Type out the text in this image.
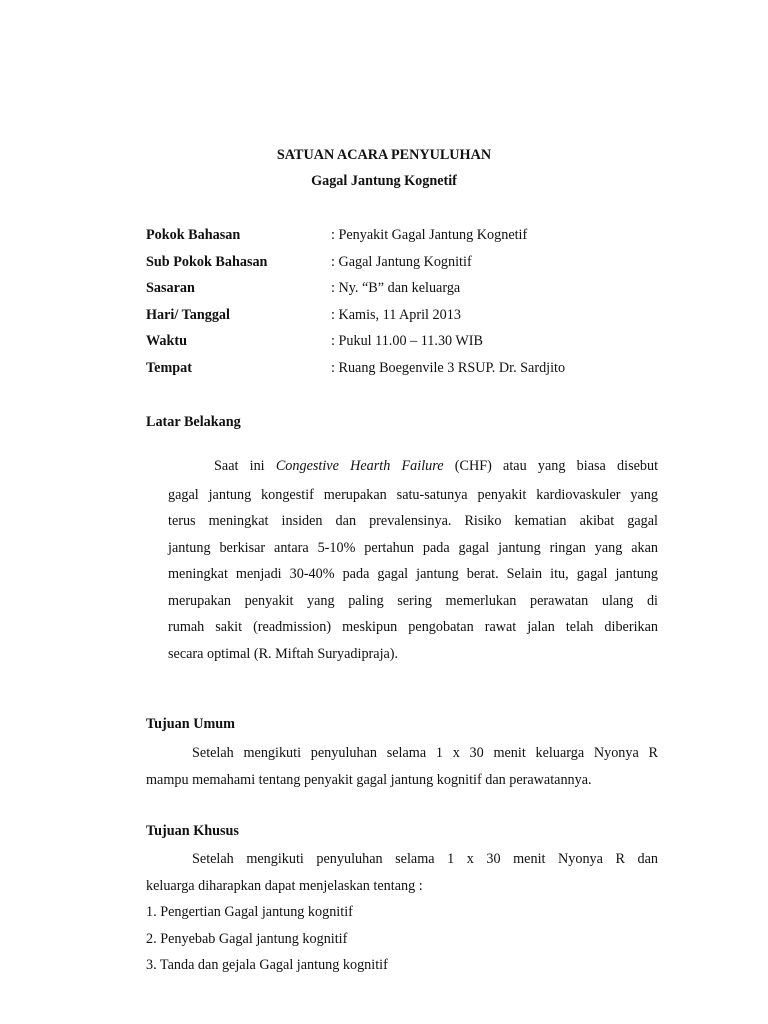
SATUAN ACARA PENYULUHAN
Gagal Jantung Kognetif
Pokok Bahasan	: Penyakit Gagal Jantung Kognetif
Sub Pokok Bahasan	: Gagal Jantung Kognitif
Sasaran	: Ny. “B” dan keluarga
Hari/ Tanggal	: Kamis, 11 April 2013
Waktu	: Pukul 11.00 – 11.30 WIB
Tempat	: Ruang Boegenvile 3 RSUP. Dr. Sardjito
Latar Belakang
Saat ini Congestive Hearth Failure (CHF) atau yang biasa disebut
gagal jantung kongestif merupakan satu-satunya penyakit kardiovaskuler yang
terus meningkat insiden dan prevalensinya. Risiko kematian akibat gagal
jantung berkisar antara 5-10% pertahun pada gagal jantung ringan yang akan
meningkat menjadi 30-40% pada gagal jantung berat. Selain itu, gagal jantung
merupakan penyakit yang paling sering memerlukan perawatan ulang di
rumah sakit (readmission) meskipun pengobatan rawat jalan telah diberikan
secara optimal (R. Miftah Suryadipraja).
Tujuan Umum
Setelah mengikuti penyuluhan selama 1 x 30 menit keluarga Nyonya R
mampu memahami tentang penyakit gagal jantung kognitif dan perawatannya.
Tujuan Khusus
Setelah mengikuti penyuluhan selama 1 x 30 menit Nyonya R dan
keluarga diharapkan dapat menjelaskan tentang :
1. Pengertian Gagal jantung kognitif
2. Penyebab Gagal jantung kognitif
3. Tanda dan gejala Gagal jantung kognitif
